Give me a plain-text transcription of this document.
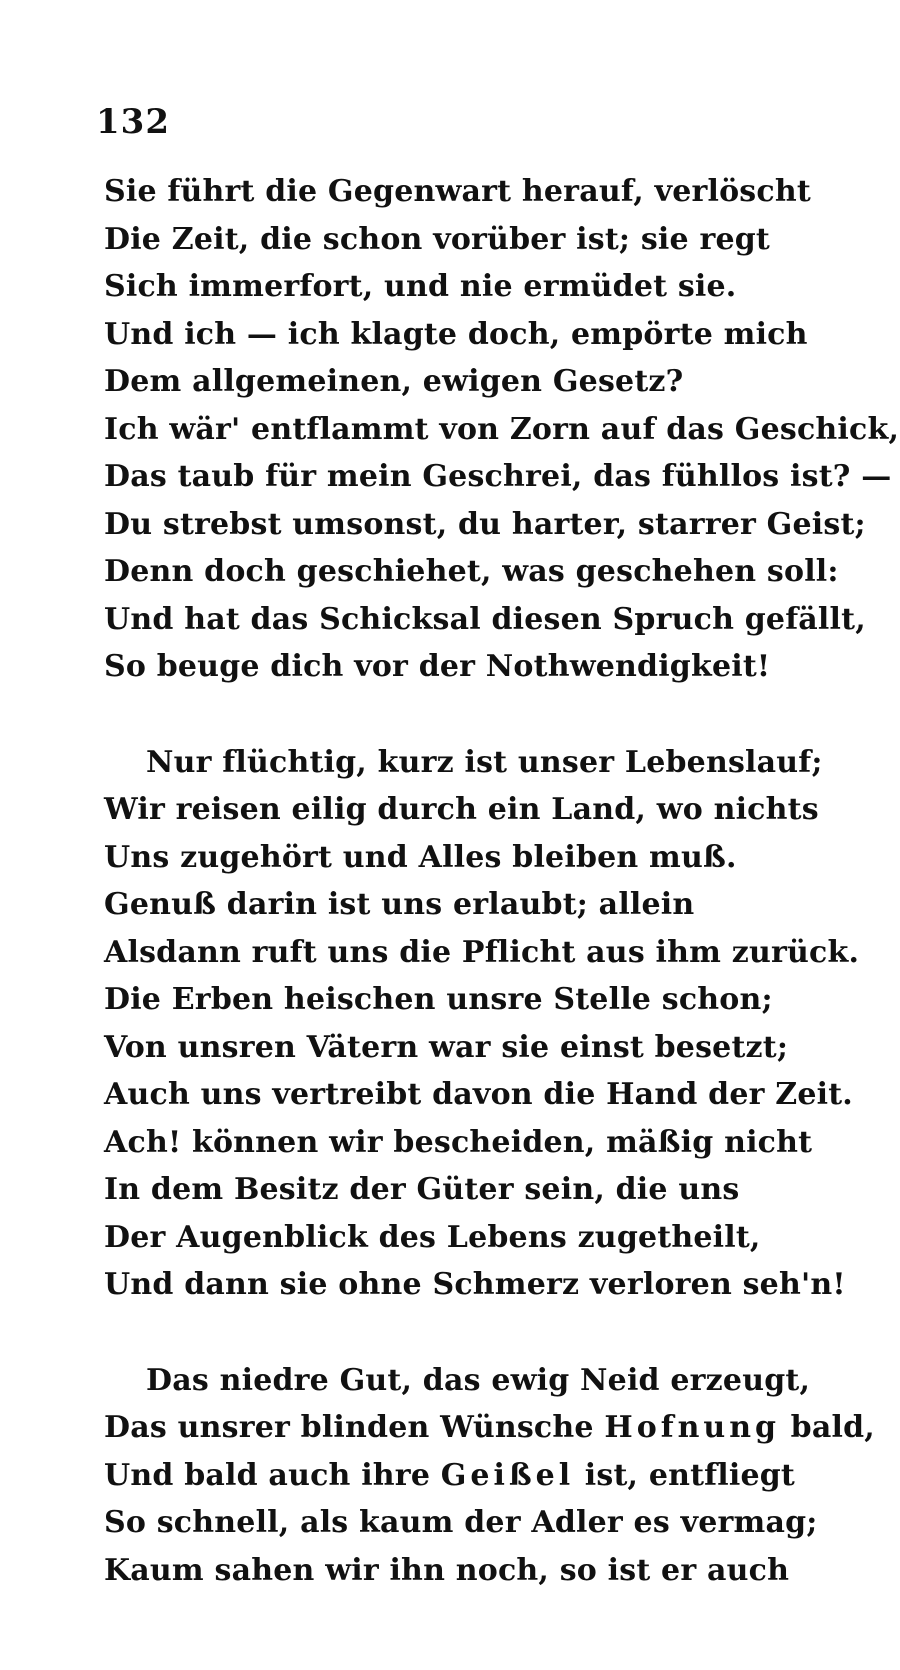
132
Sie führt die Gegenwart herauf, verlöscht
Die Zeit, die schon vorüber ist; sie regt
Sich immerfort, und nie ermüdet sie.
Und ich — ich klagte doch, empörte mich
Dem allgemeinen, ewigen Gesetz?
Ich wär' entflammt von Zorn auf das Geschick,
Das taub für mein Geschrei, das fühllos ist? —
Du strebst umsonst, du harter, starrer Geist;
Denn doch geschiehet, was geschehen soll:
Und hat das Schicksal diesen Spruch gefällt,
So beuge dich vor der Nothwendigkeit!
Nur flüchtig, kurz ist unser Lebenslauf;
Wir reisen eilig durch ein Land, wo nichts
Uns zugehört und Alles bleiben muß.
Genuß darin ist uns erlaubt; allein
Alsdann ruft uns die Pflicht aus ihm zurück.
Die Erben heischen unsre Stelle schon;
Von unsren Vätern war sie einst besetzt;
Auch uns vertreibt davon die Hand der Zeit.
Ach! können wir bescheiden, mäßig nicht
In dem Besitz der Güter sein, die uns
Der Augenblick des Lebens zugetheilt,
Und dann sie ohne Schmerz verloren seh'n!
Das niedre Gut, das ewig Neid erzeugt,
Das unsrer blinden Wünsche Hofnung bald,
Und bald auch ihre Geißel ist, entfliegt
So schnell, als kaum der Adler es vermag;
Kaum sahen wir ihn noch, so ist er auch
